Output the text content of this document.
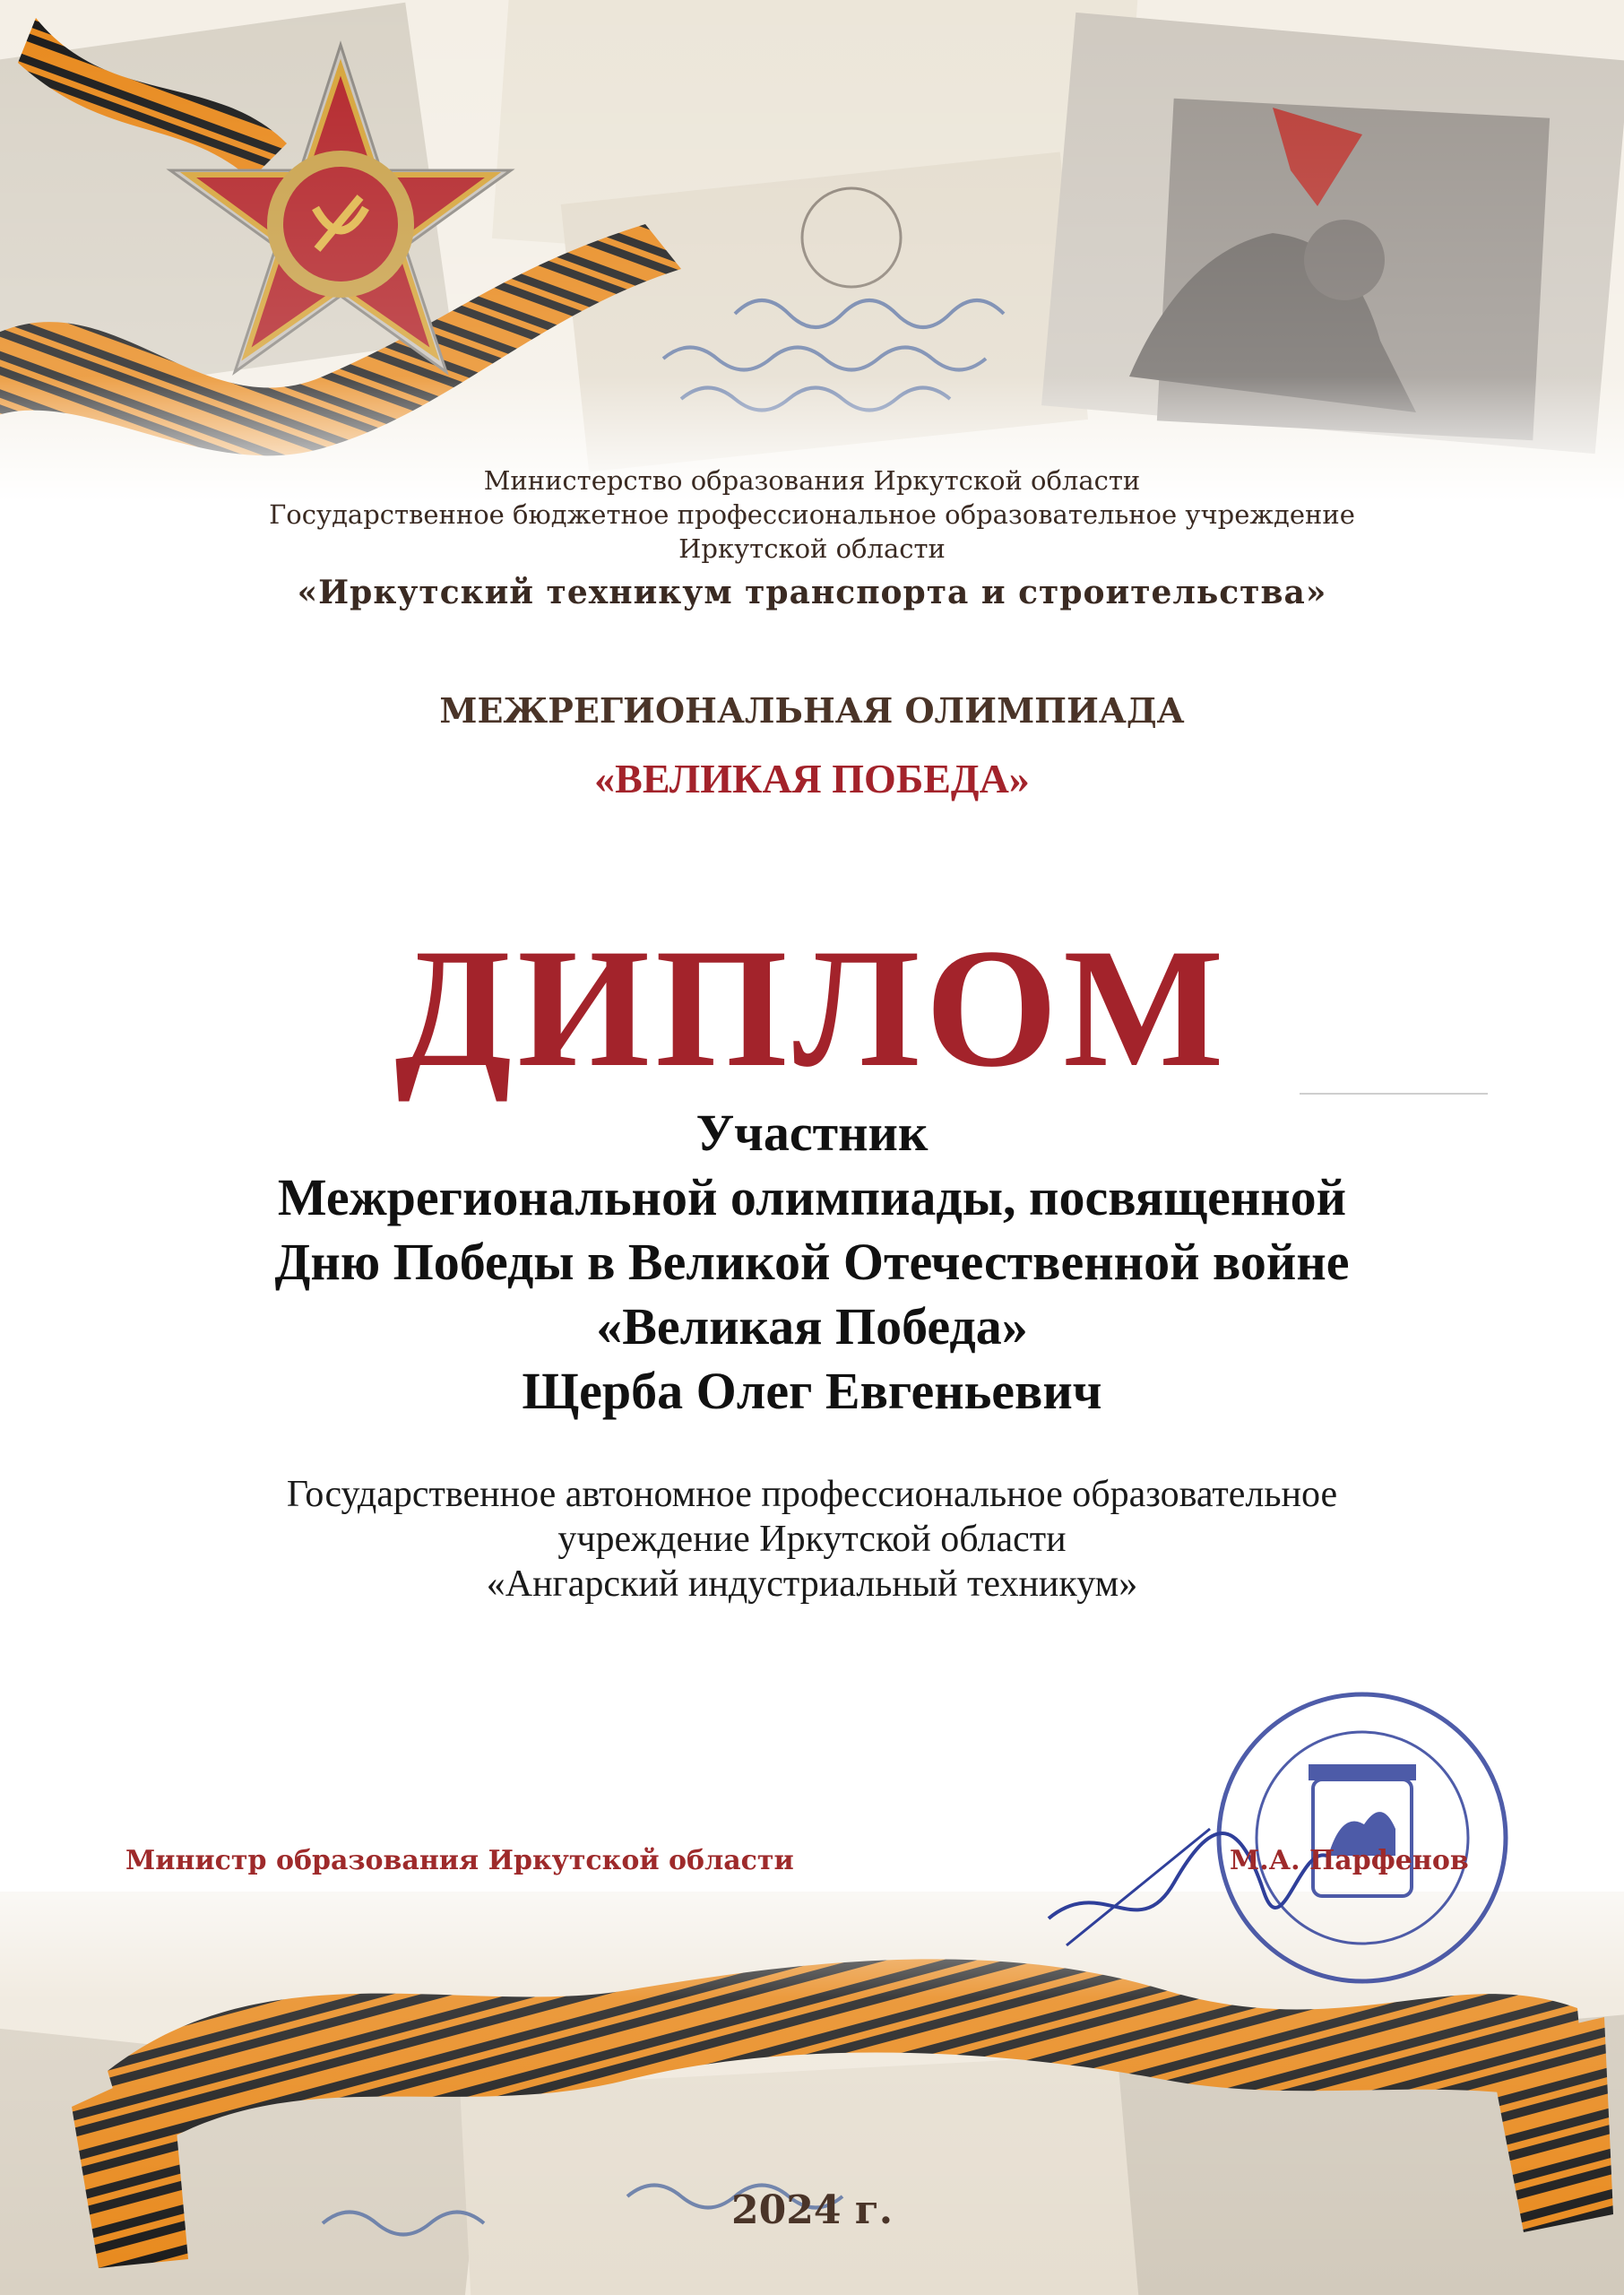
Министерство образования Иркутской области
Государственное бюджетное профессиональное образовательное учреждение
Иркутской области
«Иркутский техникум транспорта и строительства»
МЕЖРЕГИОНАЛЬНАЯ ОЛИМПИАДА
«ВЕЛИКАЯ ПОБЕДА»
ДИПЛОМ
Участник
Межрегиональной олимпиады, посвященной
Дню Победы в Великой Отечественной войне
«Великая Победа»
Щерба Олег Евгеньевич
Государственное автономное профессиональное образовательное
учреждение Иркутской области
«Ангарский индустриальный техникум»
Министр образования Иркутской области	М.А. Парфенов
2024 г.
